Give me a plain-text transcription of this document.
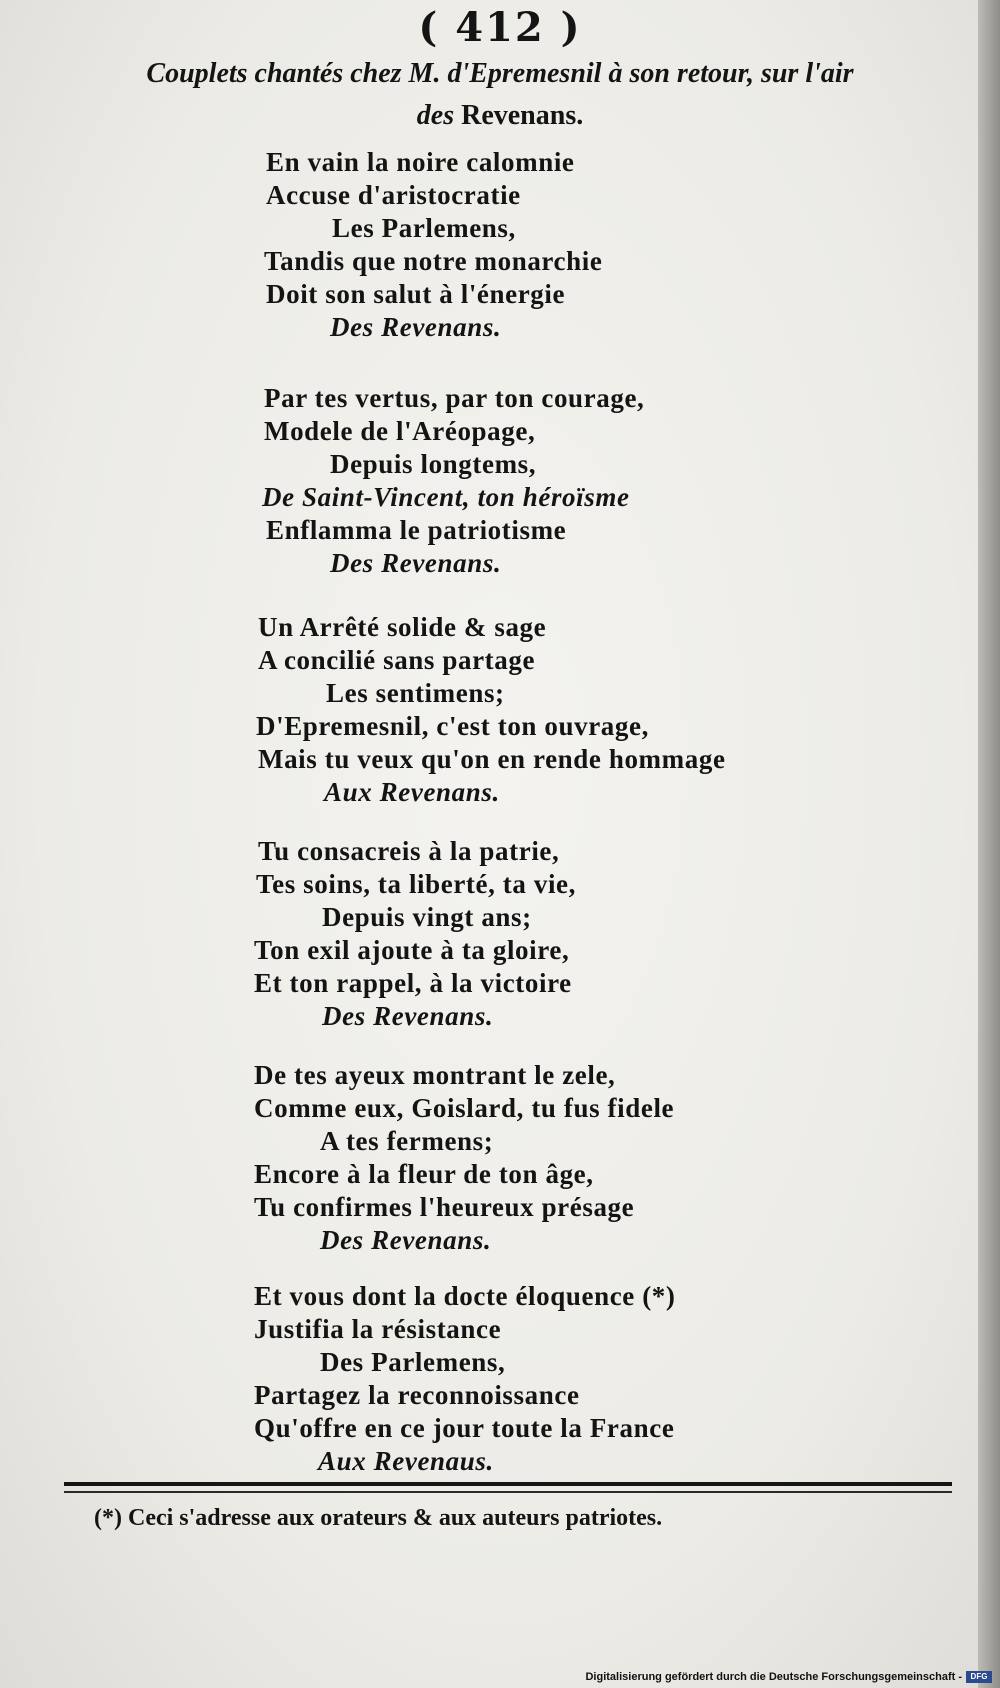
( 412 )
Couplets chantés chez M. d'Epremesnil à son retour, sur l'air
des Revenans.
En vain la noire calomnie
Accuse d'aristocratie
Les Parlemens,
Tandis que notre monarchie
Doit son salut à l'énergie
Des Revenans.
Par tes vertus, par ton courage,
Modele de l'Aréopage,
Depuis longtems,
De Saint-Vincent, ton héroïsme
Enflamma le patriotisme
Des Revenans.
Un Arrêté solide & sage
A concilié sans partage
Les sentimens;
D'Epremesnil, c'est ton ouvrage,
Mais tu veux qu'on en rende hommage
Aux Revenans.
Tu consacreis à la patrie,
Tes soins, ta liberté, ta vie,
Depuis vingt ans;
Ton exil ajoute à ta gloire,
Et ton rappel, à la victoire
Des Revenans.
De tes ayeux montrant le zele,
Comme eux, Goislard, tu fus fidele
A tes fermens;
Encore à la fleur de ton âge,
Tu confirmes l'heureux présage
Des Revenans.
Et vous dont la docte éloquence (*)
Justifia la résistance
Des Parlemens,
Partagez la reconnoissance
Qu'offre en ce jour toute la France
Aux Revenaus.
(*) Ceci s'adresse aux orateurs & aux auteurs patriotes.
Digitalisierung gefördert durch die Deutsche Forschungsgemeinschaft - DFG
